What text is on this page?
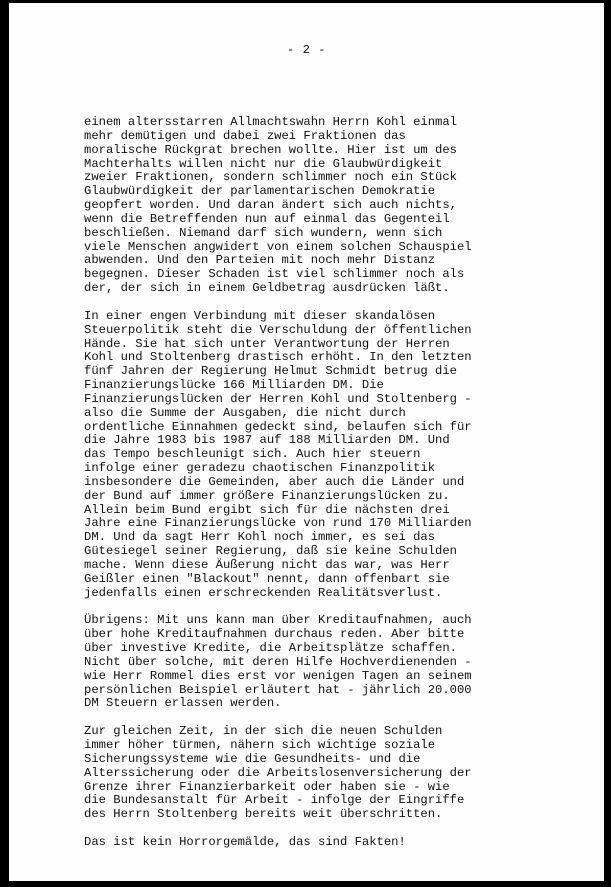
- 2 -
einem altersstarren Allmachtswahn Herrn Kohl einmal
mehr demütigen und dabei zwei Fraktionen das
moralische Rückgrat brechen wollte. Hier ist um des
Machterhalts willen nicht nur die Glaubwürdigkeit
zweier Fraktionen, sondern schlimmer noch ein Stück
Glaubwürdigkeit der parlamentarischen Demokratie
geopfert worden. Und daran ändert sich auch nichts,
wenn die Betreffenden nun auf einmal das Gegenteil
beschließen. Niemand darf sich wundern, wenn sich
viele Menschen angwidert von einem solchen Schauspiel
abwenden. Und den Parteien mit noch mehr Distanz
begegnen. Dieser Schaden ist viel schlimmer noch als
der, der sich in einem Geldbetrag ausdrücken läßt.
In einer engen Verbindung mit dieser skandalösen
Steuerpolitik steht die Verschuldung der öffentlichen
Hände. Sie hat sich unter Verantwortung der Herren
Kohl und Stoltenberg drastisch erhöht. In den letzten
fünf Jahren der Regierung Helmut Schmidt betrug die
Finanzierungslücke 166 Milliarden DM. Die
Finanzierungslücken der Herren Kohl und Stoltenberg -
also die Summe der Ausgaben, die nicht durch
ordentliche Einnahmen gedeckt sind, belaufen sich für
die Jahre 1983 bis 1987 auf 188 Milliarden DM. Und
das Tempo beschleunigt sich. Auch hier steuern
infolge einer geradezu chaotischen Finanzpolitik
insbesondere die Gemeinden, aber auch die Länder und
der Bund auf immer größere Finanzierungslücken zu.
Allein beim Bund ergibt sich für die nächsten drei
Jahre eine Finanzierungslücke von rund 170 Milliarden
DM. Und da sagt Herr Kohl noch immer, es sei das
Gütesiegel seiner Regierung, daß sie keine Schulden
mache. Wenn diese Äußerung nicht das war, was Herr
Geißler einen "Blackout" nennt, dann offenbart sie
jedenfalls einen erschreckenden Realitätsverlust.
Übrigens: Mit uns kann man über Kreditaufnahmen, auch
über hohe Kreditaufnahmen durchaus reden. Aber bitte
über investive Kredite, die Arbeitsplätze schaffen.
Nicht über solche, mit deren Hilfe Hochverdienenden -
wie Herr Rommel dies erst vor wenigen Tagen an seinem
persönlichen Beispiel erläutert hat - jährlich 20.000
DM Steuern erlassen werden.
Zur gleichen Zeit, in der sich die neuen Schulden
immer höher türmen, nähern sich wichtige soziale
Sicherungssysteme wie die Gesundheits- und die
Alterssicherung oder die Arbeitslosenversicherung der
Grenze ihrer Finanzierbarkeit oder haben sie - wie
die Bundesanstalt für Arbeit - infolge der Eingriffe
des Herrn Stoltenberg bereits weit überschritten.
Das ist kein Horrorgemälde, das sind Fakten!
